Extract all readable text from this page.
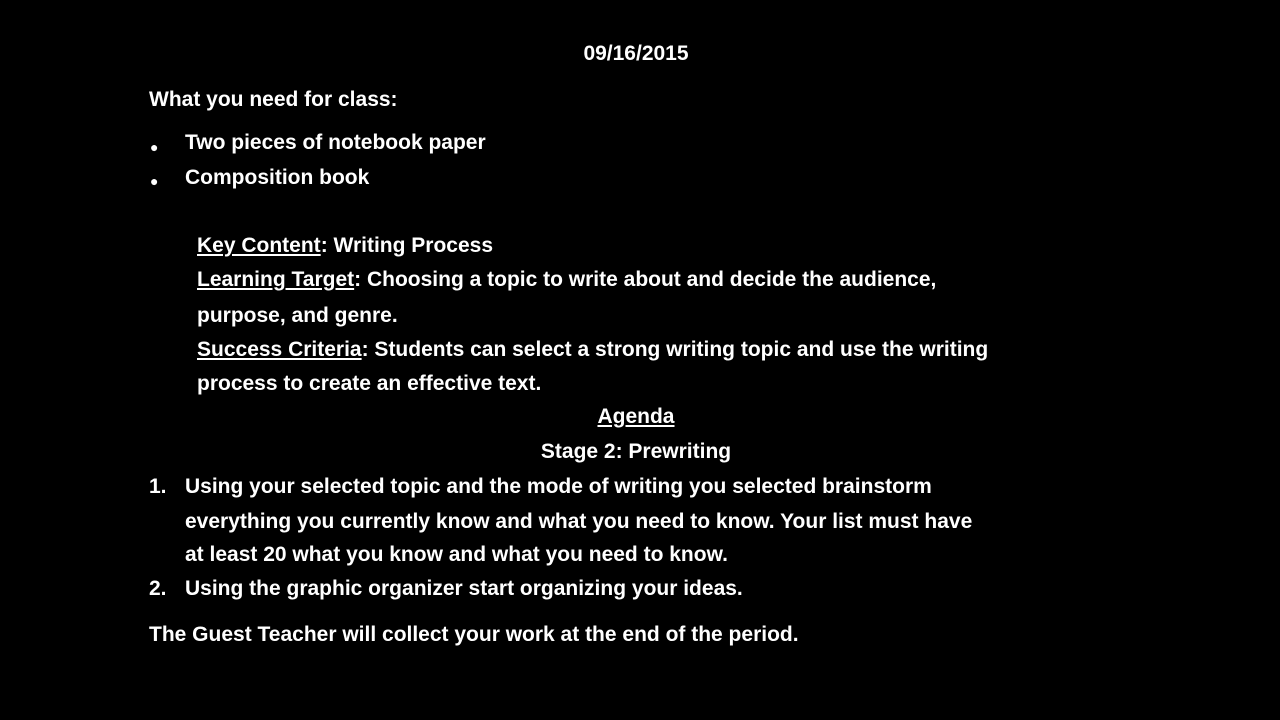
09/16/2015
What you need for class:
● Two pieces of notebook paper
● Composition book
Key Content: Writing Process
Learning Target: Choosing a topic to write about and decide the audience,
purpose, and genre.
Success Criteria: Students can select a strong writing topic and use the writing
process to create an effective text.
Agenda
Stage 2: Prewriting
1. Using your selected topic and the mode of writing you selected brainstorm
everything you currently know and what you need to know. Your list must have
at least 20 what you know and what you need to know.
2. Using the graphic organizer start organizing your ideas.
The Guest Teacher will collect your work at the end of the period.
